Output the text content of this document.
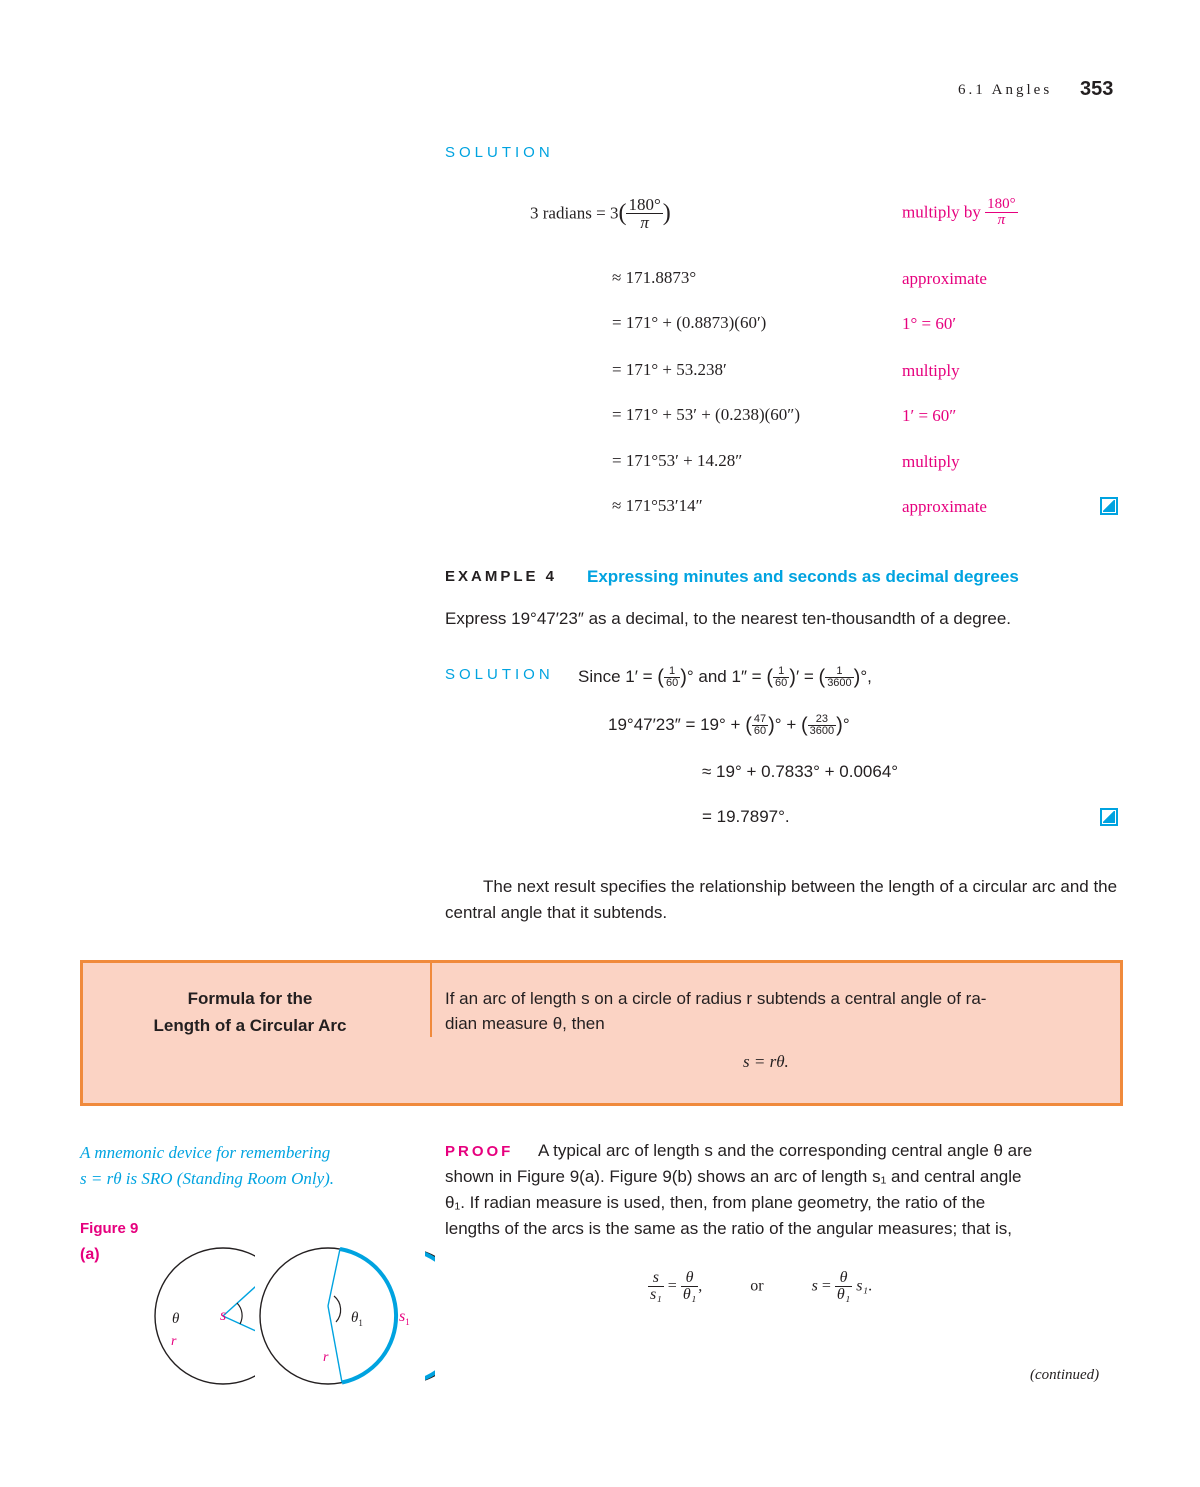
6.1 Angles 353
SOLUTION
3 radians = $3( \frac{180^\circ}{\pi}$ )	multiply by $\frac{180^\circ}{\pi}$
≈ 171.8873°	approximate
= 171° + (0.8873)(60′)	1° = 60′
= 171° + 53.238′	multiply
= 171° + 53′ + (0.238)(60″)	1′ = 60″
= 171°53′ + 14.28″	multiply
≈ 171°53′14″	approximate
EXAMPLE 4 Expressing minutes and seconds as decimal degrees
Express 19°47′23″ as a decimal, to the nearest ten-thousandth of a degree.
SOLUTION Since 1′ = ( $\frac{1}{60}$ )° and 1″ = ( $\frac{1}{60}$ )′ = ( $\frac{1}{3600}$ )°,
19°47′23″ = 19° + ( $\frac{47}{60}$ )° + ( $\frac{23}{3600}$ )°
≈ 19° + 0.7833° + 0.0064°
= 19.7897°.
The next result specifies the relationship between the length of a circular arc and the central angle that it subtends.
Formula for the
Length of a Circular Arc
If an arc of length s on a circle of radius r subtends a central angle of ra-
dian measure θ, then
s = rθ.
A mnemonic device for remembering
s = rθ is SRO (Standing Room Only).
Figure 9
(a)
θ
r
s	$\theta_1$
r
$s_1$
PROOF A typical arc of length s and the corresponding central angle θ are
shown in Figure 9(a). Figure 9(b) shows an arc of length s₁ and central angle
θ₁. If radian measure is used, then, from plane geometry, the ratio of the
lengths of the arcs is the same as the ratio of the angular measures; that is,
$\frac{s}{\text{s₁}} = \frac{\theta}{\text{θ₁}}$ ,	or	$s = \frac{\theta}{\text{θ₁}} s_1$.
(continued)
